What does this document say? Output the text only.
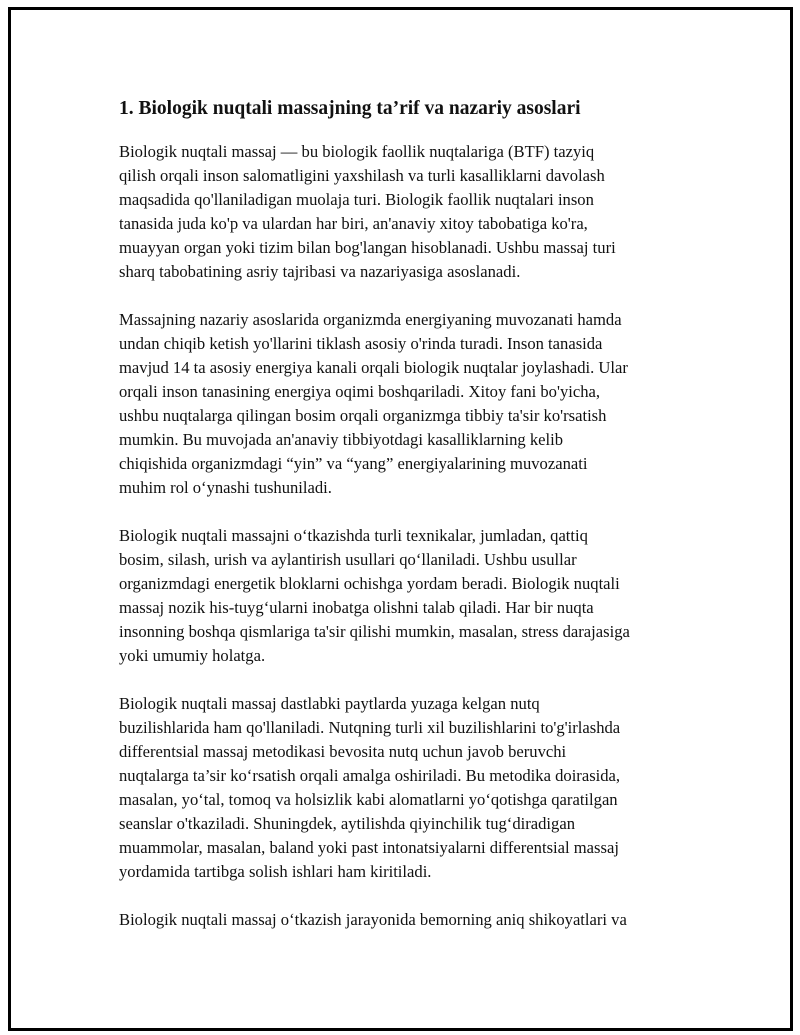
1. Biologik nuqtali massajning ta’rif va nazariy asoslari

Biologik nuqtali massaj — bu biologik faollik nuqtalariga (BTF) tazyiq
qilish orqali inson salomatligini yaxshilash va turli kasalliklarni davolash
maqsadida qo'llaniladigan muolaja turi. Biologik faollik nuqtalari inson
tanasida juda ko'p va ulardan har biri, an'anaviy xitoy tabobatiga ko'ra,
muayyan organ yoki tizim bilan bog'langan hisoblanadi. Ushbu massaj turi
sharq tabobatining asriy tajribasi va nazariyasiga asoslanadi.

Massajning nazariy asoslarida organizmda energiyaning muvozanati hamda
undan chiqib ketish yo'llarini tiklash asosiy o'rinda turadi. Inson tanasida
mavjud 14 ta asosiy energiya kanali orqali biologik nuqtalar joylashadi. Ular
orqali inson tanasining energiya oqimi boshqariladi. Xitoy fani bo'yicha,
ushbu nuqtalarga qilingan bosim orqali organizmga tibbiy ta'sir ko'rsatish
mumkin. Bu muvojada an'anaviy tibbiyotdagi kasalliklarning kelib
chiqishida organizmdagi “yin” va “yang” energiyalarining muvozanati
muhim rol o‘ynashi tushuniladi.

Biologik nuqtali massajni o‘tkazishda turli texnikalar, jumladan, qattiq
bosim, silash, urish va aylantirish usullari qo‘llaniladi. Ushbu usullar
organizmdagi energetik bloklarni ochishga yordam beradi. Biologik nuqtali
massaj nozik his-tuyg‘ularni inobatga olishni talab qiladi. Har bir nuqta
insonning boshqa qismlariga ta'sir qilishi mumkin, masalan, stress darajasiga
yoki umumiy holatga.

Biologik nuqtali massaj dastlabki paytlarda yuzaga kelgan nutq
buzilishlarida ham qo'llaniladi. Nutqning turli xil buzilishlarini to'g'irlashda
differentsial massaj metodikasi bevosita nutq uchun javob beruvchi
nuqtalarga ta’sir ko‘rsatish orqali amalga oshiriladi. Bu metodika doirasida,
masalan, yo‘tal, tomoq va holsizlik kabi alomatlarni yo‘qotishga qaratilgan
seanslar o'tkaziladi. Shuningdek, aytilishda qiyinchilik tug‘diradigan
muammolar, masalan, baland yoki past intonatsiyalarni differentsial massaj
yordamida tartibga solish ishlari ham kiritiladi.

Biologik nuqtali massaj o‘tkazish jarayonida bemorning aniq shikoyatlari va
